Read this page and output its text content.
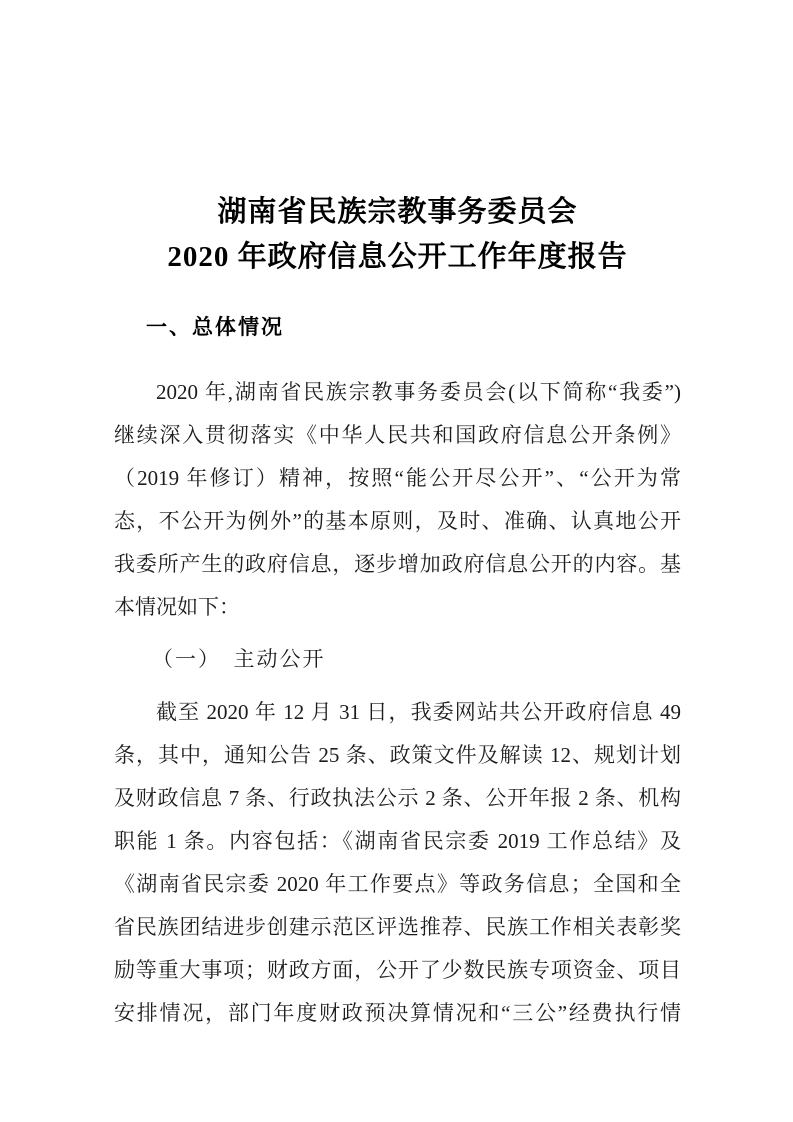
湖南省民族宗教事务委员会
2020 年政府信息公开工作年度报告
一、总体情况
2020 年,湖南省民族宗教事务委员会(以下简称“我委”)
继续深入贯彻落实《中华人民共和国政府信息公开条例》
（2019 年修订）精神，按照“能公开尽公开”、“公开为常
态，不公开为例外”的基本原则，及时、准确、认真地公开
我委所产生的政府信息，逐步增加政府信息公开的内容。基
本情况如下：
（一）　主动公开
截至 2020 年 12 月 31 日，我委网站共公开政府信息 49
条，其中，通知公告 25 条、政策文件及解读 12、规划计划
及财政信息 7 条、行政执法公示 2 条、公开年报 2 条、机构
职能 1 条。内容包括：《湖南省民宗委 2019 工作总结》及
《湖南省民宗委 2020 年工作要点》等政务信息；全国和全
省民族团结进步创建示范区评选推荐、民族工作相关表彰奖
励等重大事项；财政方面，公开了少数民族专项资金、项目
安排情况，部门年度财政预决算情况和“三公”经费执行情
